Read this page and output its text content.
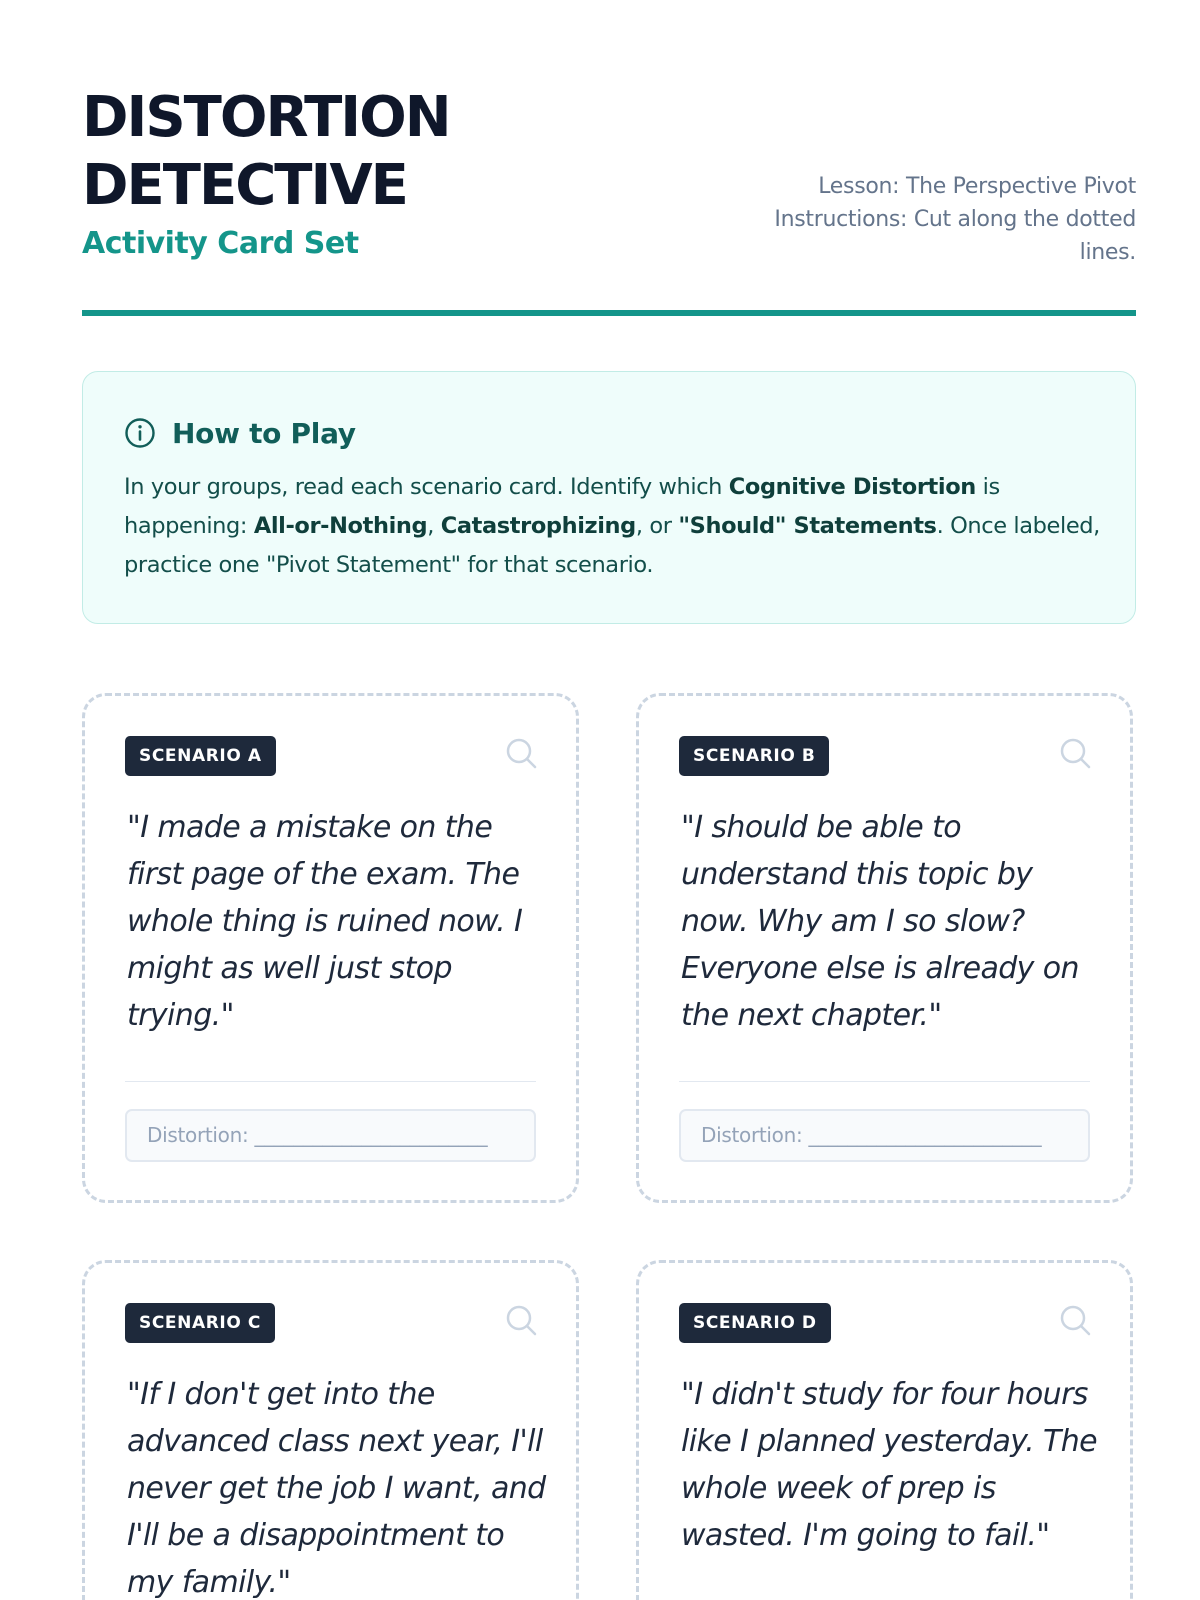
DISTORTION
DETECTIVE
Activity Card Set
Lesson: The Perspective Pivot
Instructions: Cut along the dotted lines.
How to Play

In your groups, read each scenario card. Identify which Cognitive Distortion is happening: All-or-Nothing, Catastrophizing, or "Should" Statements. Once labeled, practice one "Pivot Statement" for that scenario.

SCENARIO A

"I made a mistake on the first page of the exam. The whole thing is ruined now. I might as well just stop trying."

Distortion: ________________________
SCENARIO B

"I should be able to understand this topic by now. Why am I so slow? Everyone else is already on the next chapter."

Distortion: ________________________
SCENARIO C

"If I don't get into the advanced class next year, I'll never get the job I want, and I'll be a disappointment to my family."

SCENARIO D

"I didn't study for four hours like I planned yesterday. The whole week of prep is wasted. I'm going to fail."
